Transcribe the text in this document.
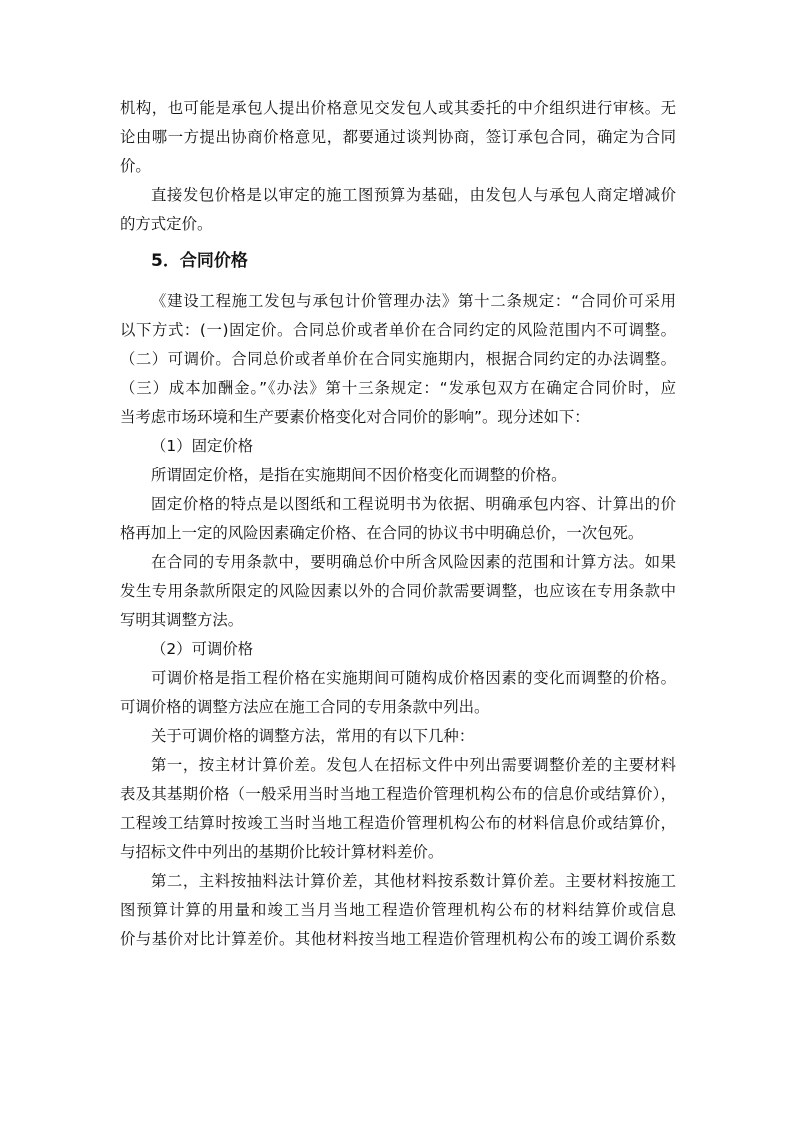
机构，也可能是承包人提出价格意见交发包人或其委托的中介组织进行审核。无
论由哪一方提出协商价格意见，都要通过谈判协商，签订承包合同，确定为合同
价。
直接发包价格是以审定的施工图预算为基础，由发包人与承包人商定增减价
的方式定价。
5．合同价格
《建设工程施工发包与承包计价管理办法》第十二条规定：“合同价可采用
以下方式：(一)固定价。合同总价或者单价在合同约定的风险范围内不可调整。
（二）可调价。合同总价或者单价在合同实施期内，根据合同约定的办法调整。
（三）成本加酬金。”《办法》第十三条规定：“发承包双方在确定合同价时，应
当考虑市场环境和生产要素价格变化对合同价的影响”。现分述如下：
（1）固定价格
所谓固定价格，是指在实施期间不因价格变化而调整的价格。
固定价格的特点是以图纸和工程说明书为依据、明确承包内容、计算出的价
格再加上一定的风险因素确定价格、在合同的协议书中明确总价，一次包死。
在合同的专用条款中，要明确总价中所含风险因素的范围和计算方法。如果
发生专用条款所限定的风险因素以外的合同价款需要调整，也应该在专用条款中
写明其调整方法。
（2）可调价格
可调价格是指工程价格在实施期间可随构成价格因素的变化而调整的价格。
可调价格的调整方法应在施工合同的专用条款中列出。
关于可调价格的调整方法，常用的有以下几种：
第一，按主材计算价差。发包人在招标文件中列出需要调整价差的主要材料
表及其基期价格（一般采用当时当地工程造价管理机构公布的信息价或结算价），
工程竣工结算时按竣工当时当地工程造价管理机构公布的材料信息价或结算价，
与招标文件中列出的基期价比较计算材料差价。
第二，主料按抽料法计算价差，其他材料按系数计算价差。主要材料按施工
图预算计算的用量和竣工当月当地工程造价管理机构公布的材料结算价或信息
价与基价对比计算差价。其他材料按当地工程造价管理机构公布的竣工调价系数
